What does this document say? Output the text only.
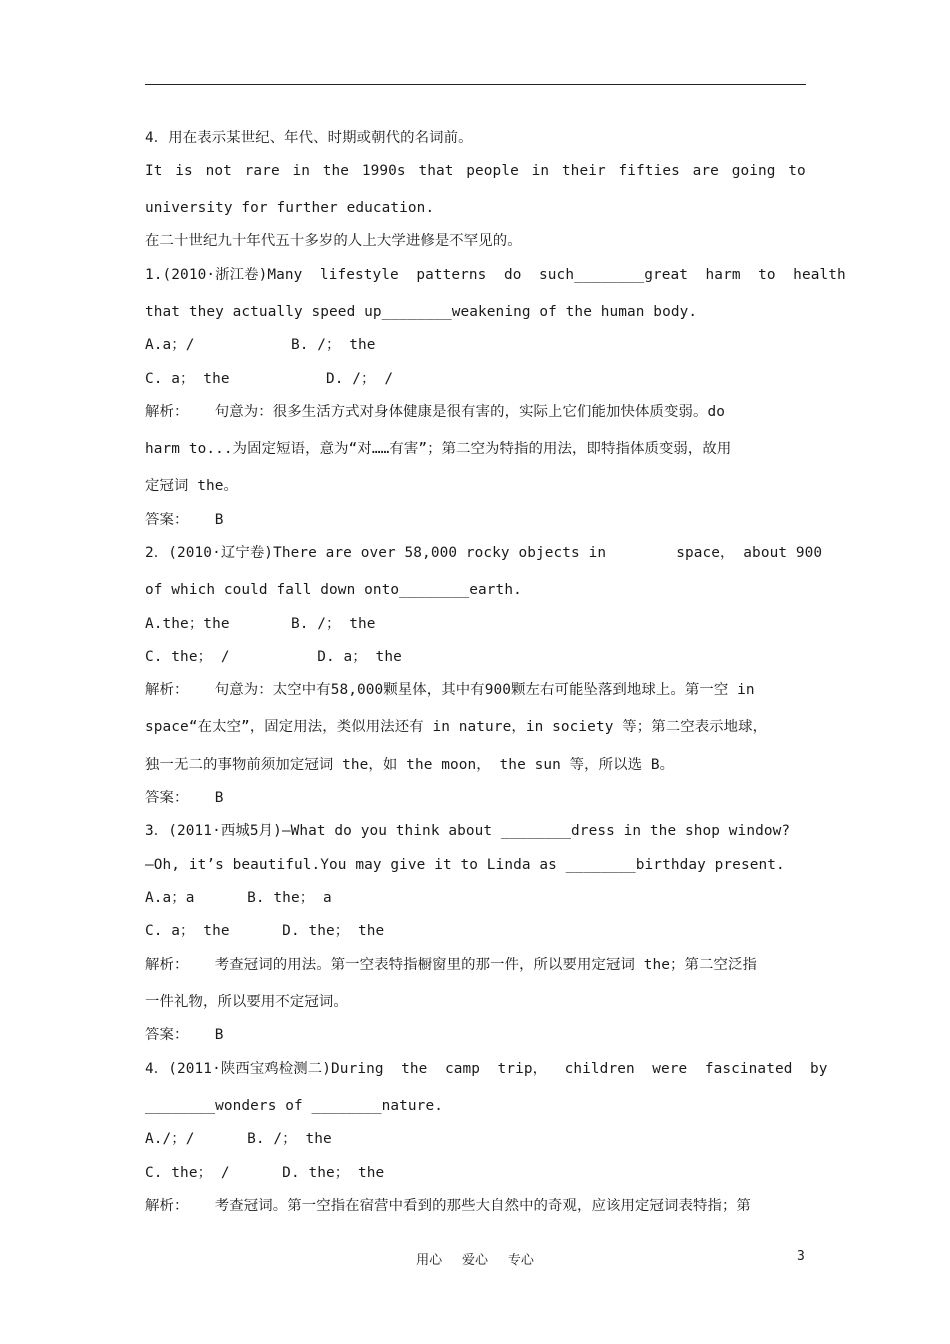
4．用在表示某世纪、年代、时期或朝代的名词前。
It is not rare in the 1990s that people in their fifties are going to
university for further education.
在二十世纪九十年代五十多岁的人上大学进修是不罕见的。
1.(2010·浙江卷)Many  lifestyle  patterns  do  such________great  harm  to  health
that they actually speed up________weakening of the human body.
A.a；/           B. /； the
C. a； the           D. /； /
解析：   句意为：很多生活方式对身体健康是很有害的，实际上它们能加快体质变弱。do
harm to...为固定短语，意为“对……有害”；第二空为特指的用法，即特指体质变弱，故用
定冠词 the。
答案：   B
2．(2010·辽宁卷)There are over 58,000 rocky objects in        space， about 900
of which could fall down onto________earth.
A.the；the       B. /； the
C. the； /          D. a； the
解析：   句意为：太空中有58,000颗星体，其中有900颗左右可能坠落到地球上。第一空 in
space“在太空”，固定用法，类似用法还有 in nature，in society 等；第二空表示地球，
独一无二的事物前须加定冠词 the，如 the moon， the sun 等，所以选 B。
答案：   B
3．(2011·西城5月)—What do you think about ________dress in the shop window?
—Oh, it’s beautiful.You may give it to Linda as ________birthday present.
A.a；a      B. the； a
C. a； the      D. the； the
解析：   考查冠词的用法。第一空表特指橱窗里的那一件，所以要用定冠词 the；第二空泛指
一件礼物，所以要用不定冠词。
答案：   B
4．(2011·陕西宝鸡检测二)During  the  camp  trip，  children  were  fascinated  by
________wonders of ________nature.
A./；/      B. /； the
C. the； /      D. the； the
解析：   考查冠词。第一空指在宿营中看到的那些大自然中的奇观，应该用定冠词表特指；第
用心 爱心 专心	3
